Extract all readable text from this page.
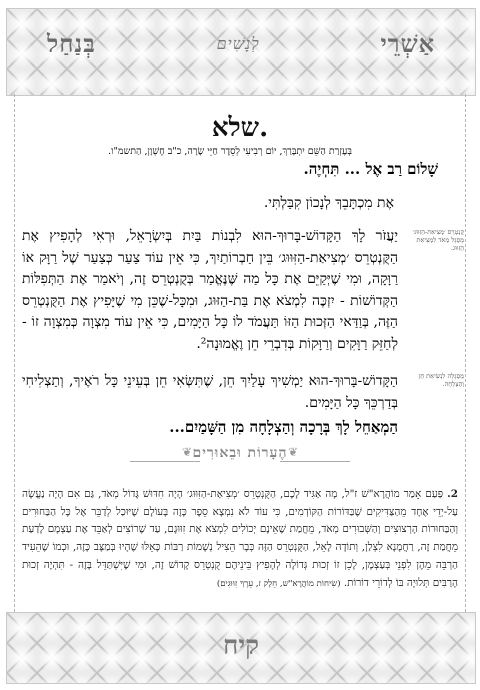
אַשְׁרֵי
לְנָשִׁים
בְּנַחַל
שלא.
בְּעֶזְרַת הַשֵּׁם יִתְבָּרַךְ, יוֹם רְבִיעִי לְסֵדֶר חַיֵּי שָׂרָה, כ"ב חֶשְׁוָן, הַתשמ"ו.
שָׁלוֹם רַב אֶל ... תִּחְיֶה.
אֶת מִכְתָּבֵךְ לְנָכוֹן קִבַּלְתִּי.
יַעֲזֹר לָךְ הַקָּדוֹשׁ-בָּרוּךְ-הוּא לִבְנוֹת בַּיִת בְּיִשְׂרָאֵל, וּרְאִי לְהָפִיץ אֶת הַקֻּנְטְרֵס ׳מְצִיאַת-הַזִּוּוּג׳ בֵּין חַבְרוֹתַיִךְ, כִּי אֵין עוֹד צַעַר כְּצַעַר שֶׁל רַוָּק אוֹ רַוָּקָה, וּמִי שֶׁיְּקַיֵּם אֶת כָּל מַה שֶּׁנֶּאֱמַר בְּקֻנְטְרֵס זֶה, וְיֹאמַר אֶת הַתְּפִלּוֹת הַקְּדוֹשׁוֹת - יִזְכֶּה לִמְצֹא אֶת בַּת-הַזּוּג, וּמִכָּל-שֶׁכֵּן מִי שֶׁיָּפִיץ אֶת הַקֻּנְטְרֵס הַזֶּה, בְּוַדַּאי הַזְּכוּת הַזּוֹ תַּעֲמֹד לוֹ כָּל הַיָּמִים, כִּי אֵין עוֹד מִצְוָה כְּמִצְוָה זוֹ - לְחַזֵּק רַוָּקִים וְרַוָּקוֹת בְּדִבְרֵי חֵן וֶאֱמוּנָה².
קֻנְטְרֵס ׳מְצִיאַת-הַזִּוּוּג׳ מְסֻגָּל מְאֹד לִמְצִיאַת הַזִּוּוּג.
הַקָּדוֹשׁ-בָּרוּךְ-הוּא יַמְשִׁיךְ עָלַיִךְ חֵן, שֶׁתִּשְּׂאִי חֵן בְּעֵינֵי כָּל רֹאֶיךָ, וְתַצְלִיחִי בְּדַרְכֵּךְ כָּל הַיָּמִים.
מְסֻגָּלָה לִנְשִׂיאַת חֵן וְהַצְלָחָה.
הַמְאַחֵל לָךְ בְּרָכָה וְהַצְלָחָה מִן הַשָּׁמַיִם...
❦ הֶעָרוֹת וּבֵאוּרִים ❦
2. פַּעַם אָמַר מוֹהֲרָא"שׁ ז"ל, מָה אַגִּיד לָכֶם, הַקֻּנְטְרֵס ׳מְצִיאַת-הַזִּוּוּג׳ הָיָה חִדּוּשׁ גָּדוֹל מְאֹד, גַּם אִם הָיָה נַעֲשָׂה עַל-יְדֵי אֶחָד מֵהַצַּדִּיקִים שֶׁבַּדּוֹרוֹת הַקּוֹדְמִים, כִּי עוֹד לֹא נִמְצָא סֵפֶר כָּזֶה בָּעוֹלָם שֶׁיּוּכַל לְדַבֵּר אֶל כָּל הַבַּחוּרִים וְהַבַּחוּרוֹת הָרְצוּצִים וְהַשְּׁבוּרִים מְאֹד, מֵחֲמַת שֶׁאֵינָם יְכוֹלִים לִמְצֹא אֶת זִוּוּגָם, עַד שֶׁרוֹצִים לְאַבֵּד אֶת עַצְמָם לָדַעַת מֵחֲמַת זֶה, רַחֲמָנָא לִצְלַן, וְתוֹדָה לָאֵל, הַקֻּנְטְרֵס הַזֶּה כְּבָר הֵצִיל נְשָׁמוֹת רַבּוֹת כָּאֵלּוּ שֶׁהָיוּ בְּמַצָּב כָּזֶה, וּכְמוֹ שֶׁהֵעִיד הַרְבֵּה מֵהֶן לִפְנֵי בְּעַצְמָן, לָכֵן זוֹ זְכוּת גְּדוֹלָה לְהָפִיץ בֵּינֵיהֶם קֻנְטְרֵס קָדוֹשׁ זֶה, וּמִי שֶׁיִּשְׁתַּדֵּל בָּזֶה - תִּהְיֶה זְכוּת הָרַבִּים תְּלוּיָה בּוֹ לְדוֹרֵי דוֹרוֹת. (שִׂיחוֹת מוֹהֲרָא"שׁ, חֵלֶק ז, עֵרֶךְ זִוּוּגִים)
קיח
